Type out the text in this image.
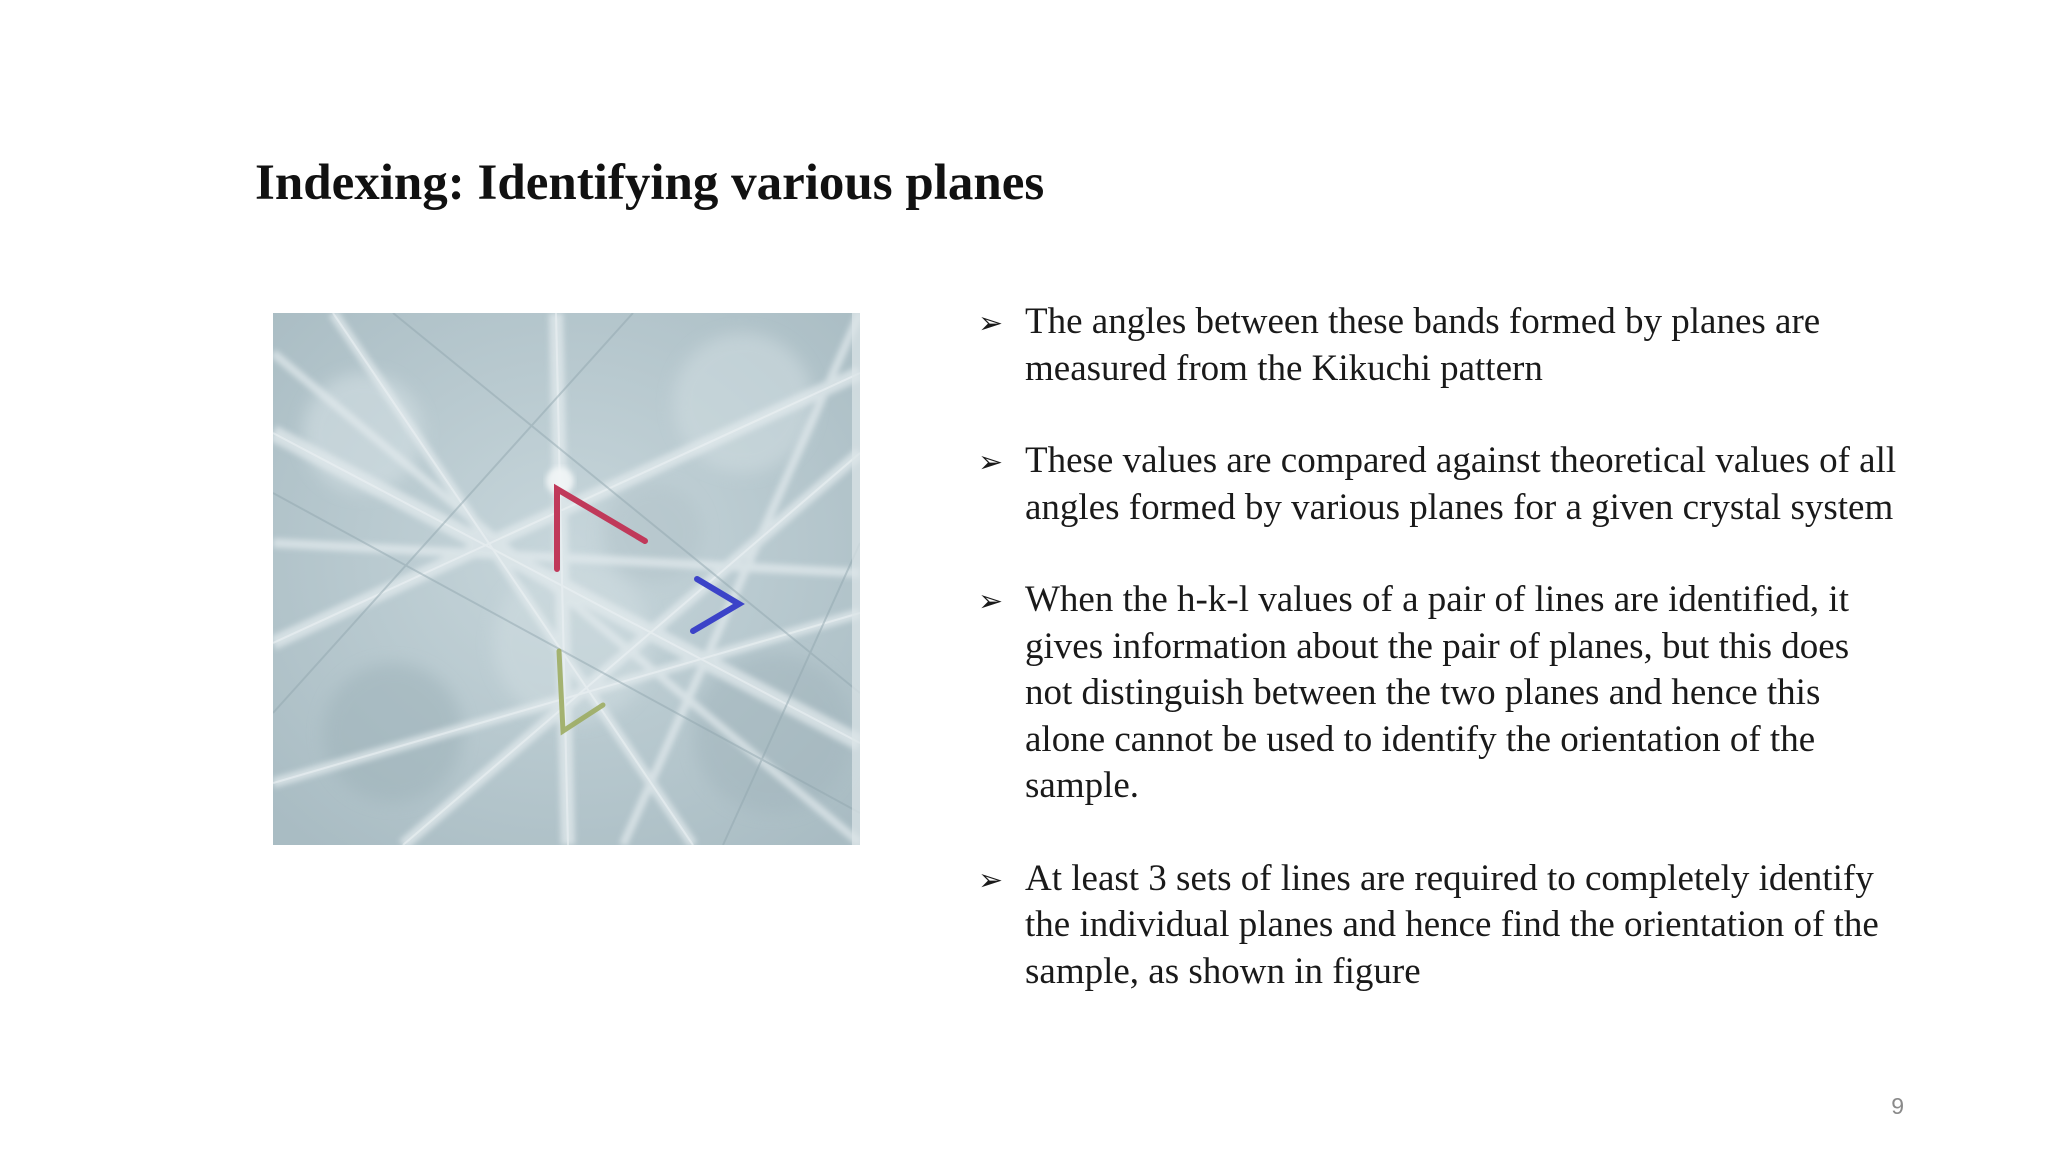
Indexing: Identifying various planes
➢ The angles between these bands formed by planes are measured from the Kikuchi pattern
➢ These values are compared against theoretical values of all angles formed by various planes for a given crystal system
➢ When the h-k-l values of a pair of lines are identified, it gives information about the pair of planes, but this does not distinguish between the two planes and hence this alone cannot be used to identify the orientation of the sample.
➢ At least 3 sets of lines are required to completely identify the individual planes and hence find the orientation of the sample, as shown in figure
9
